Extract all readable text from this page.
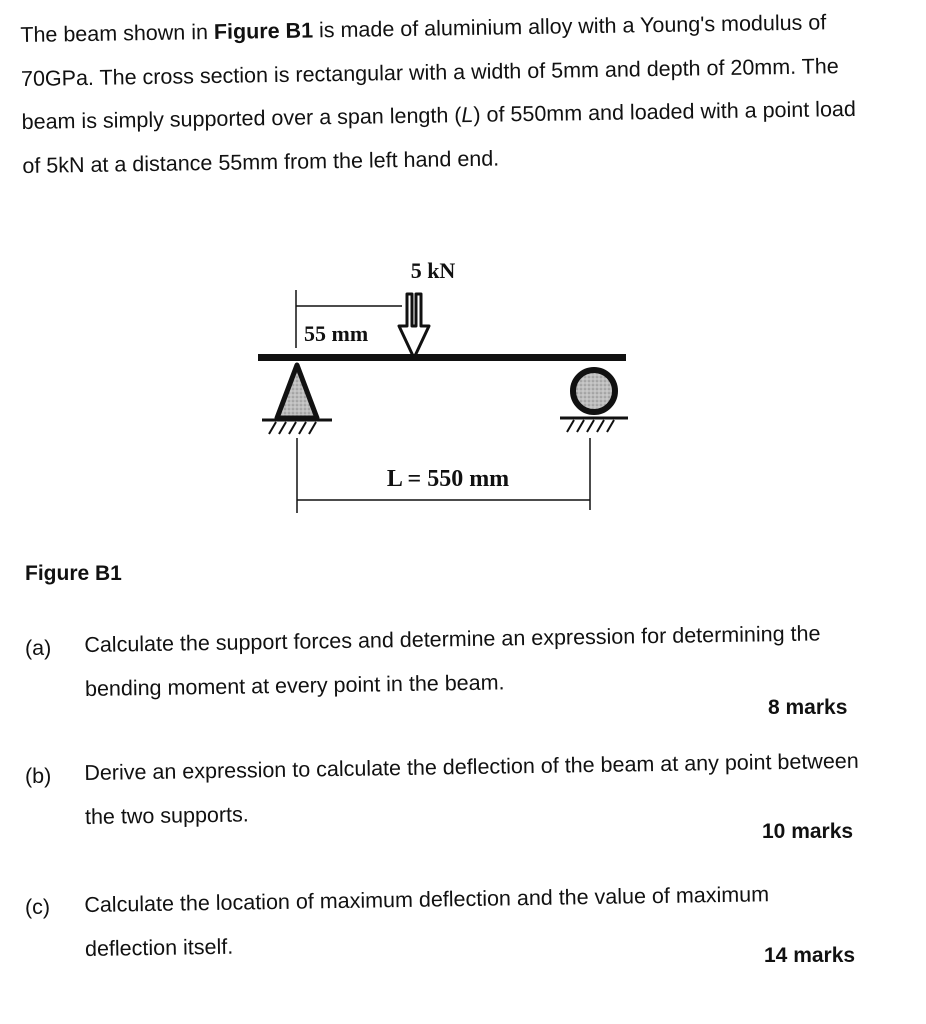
The beam shown in Figure B1 is made of aluminium alloy with a Young's modulus of 70GPa. The cross section is rectangular with a width of 5mm and depth of 20mm. The beam is simply supported over a span length (L) of 550mm and loaded with a point load of 5kN at a distance 55mm from the left hand end.
5 kN
55 mm
L = 550 mm
Figure B1
(a) Calculate the support forces and determine an expression for determining the bending moment at every point in the beam.
8 marks
(b) Derive an expression to calculate the deflection of the beam at any point between the two supports.
10 marks
(c) Calculate the location of maximum deflection and the value of maximum deflection itself.	14 marks
